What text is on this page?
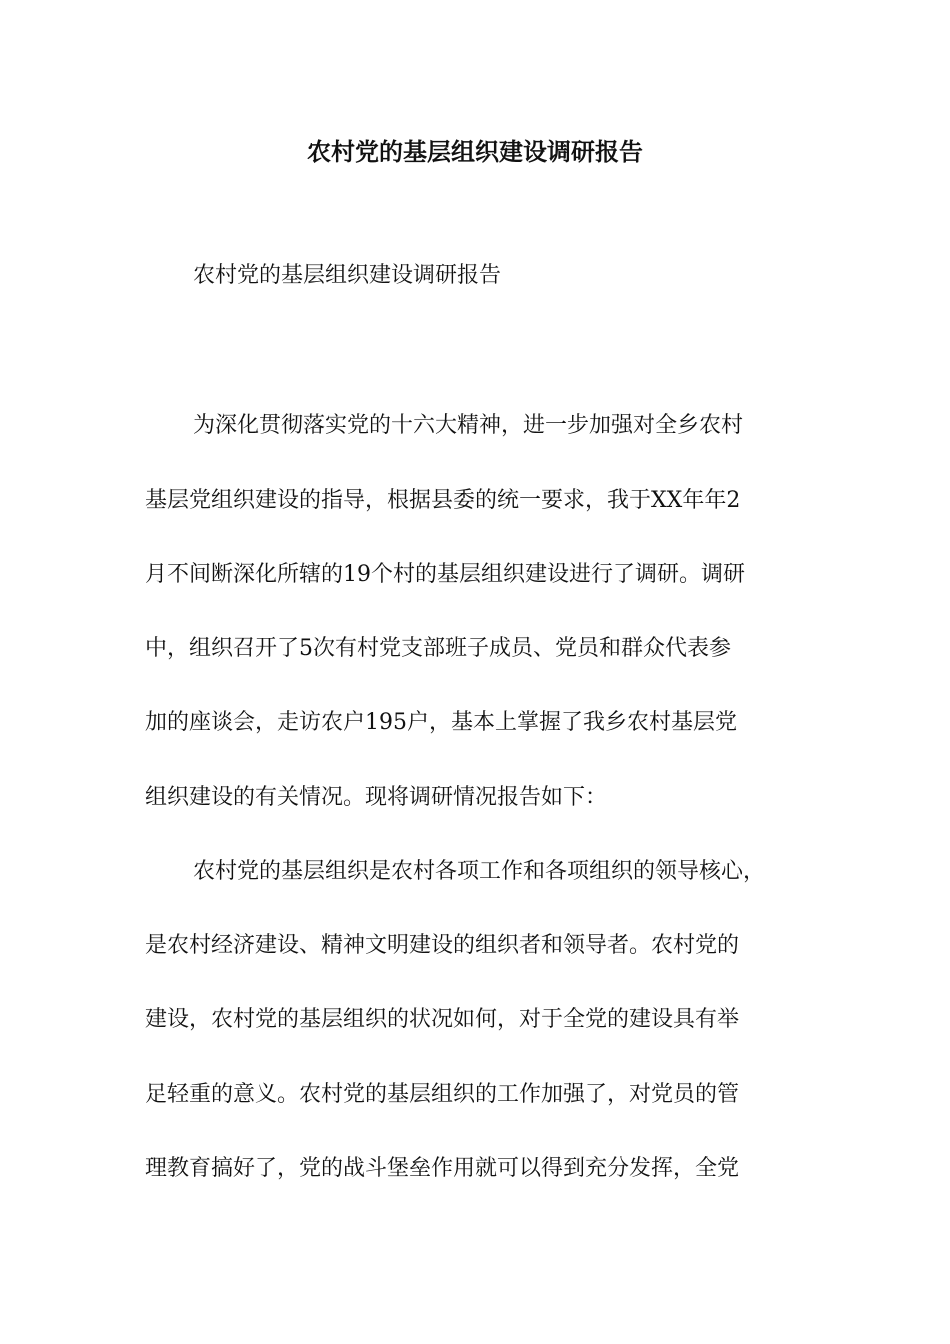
农村党的基层组织建设调研报告
农村党的基层组织建设调研报告
为深化贯彻落实党的十六大精神，进一步加强对全乡农村
基层党组织建设的指导，根据县委的统一要求，我于XX年年2
月不间断深化所辖的19个村的基层组织建设进行了调研。调研
中，组织召开了5次有村党支部班子成员、党员和群众代表参
加的座谈会，走访农户195户，基本上掌握了我乡农村基层党
组织建设的有关情况。现将调研情况报告如下：
农村党的基层组织是农村各项工作和各项组织的领导核心，
是农村经济建设、精神文明建设的组织者和领导者。农村党的
建设，农村党的基层组织的状况如何，对于全党的建设具有举
足轻重的意义。农村党的基层组织的工作加强了，对党员的管
理教育搞好了，党的战斗堡垒作用就可以得到充分发挥，全党
